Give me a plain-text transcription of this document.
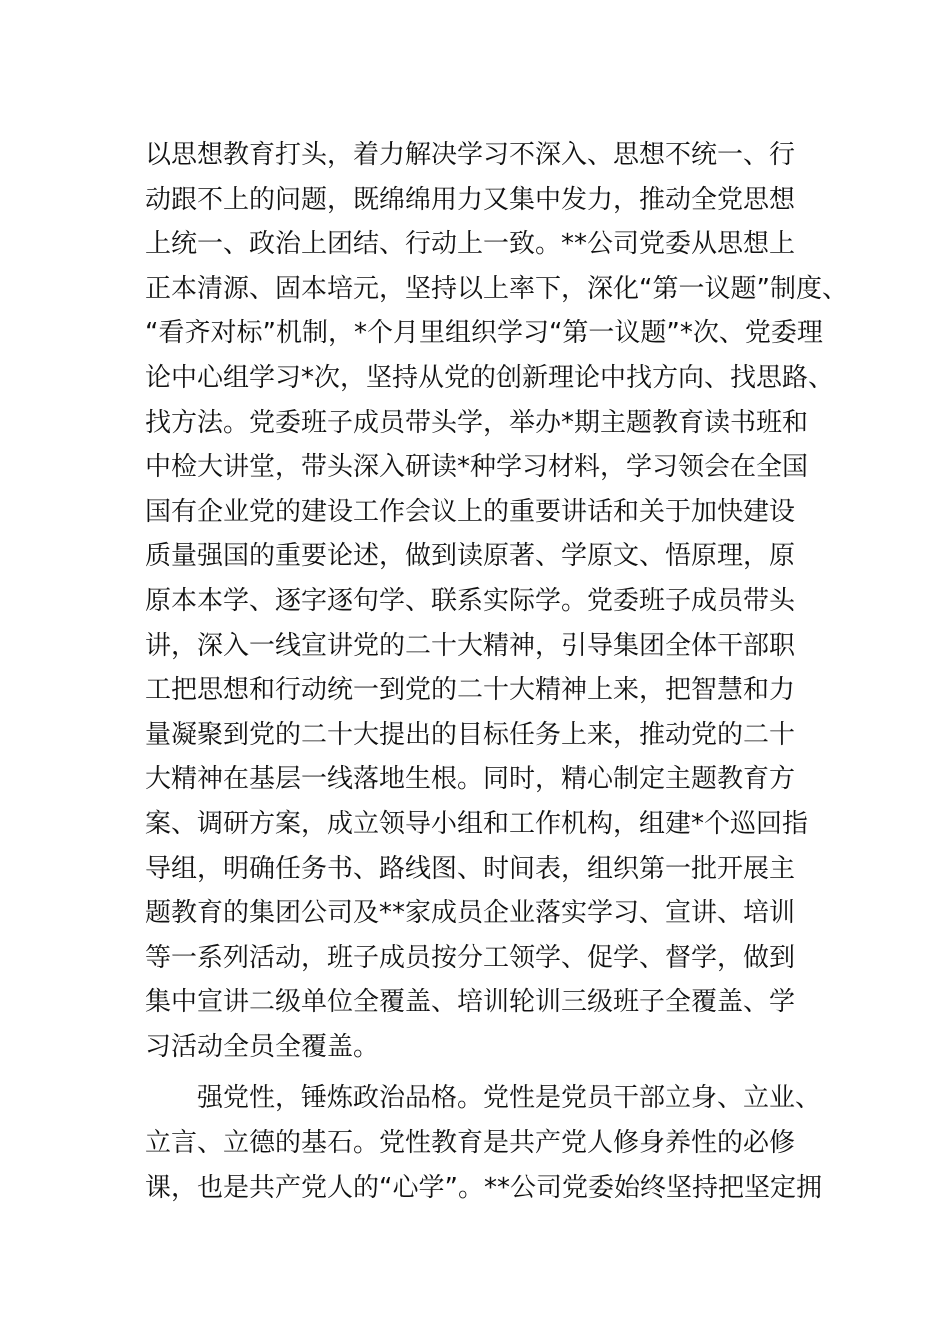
以思想教育打头，着力解决学习不深入、思想不统一、行
动跟不上的问题，既绵绵用力又集中发力，推动全党思想
上统一、政治上团结、行动上一致。**公司党委从思想上
正本清源、固本培元，坚持以上率下，深化“第一议题”制度、
“看齐对标”机制，*个月里组织学习“第一议题”*次、党委理
论中心组学习*次，坚持从党的创新理论中找方向、找思路、
找方法。党委班子成员带头学，举办*期主题教育读书班和
中检大讲堂，带头深入研读*种学习材料，学习领会在全国
国有企业党的建设工作会议上的重要讲话和关于加快建设
质量强国的重要论述，做到读原著、学原文、悟原理，原
原本本学、逐字逐句学、联系实际学。党委班子成员带头
讲，深入一线宣讲党的二十大精神，引导集团全体干部职
工把思想和行动统一到党的二十大精神上来，把智慧和力
量凝聚到党的二十大提出的目标任务上来，推动党的二十
大精神在基层一线落地生根。同时，精心制定主题教育方
案、调研方案，成立领导小组和工作机构，组建*个巡回指
导组，明确任务书、路线图、时间表，组织第一批开展主
题教育的集团公司及**家成员企业落实学习、宣讲、培训
等一系列活动，班子成员按分工领学、促学、督学，做到
集中宣讲二级单位全覆盖、培训轮训三级班子全覆盖、学
习活动全员全覆盖。
强党性，锤炼政治品格。党性是党员干部立身、立业、
立言、立德的基石。党性教育是共产党人修身养性的必修
课，也是共产党人的“心学”。**公司党委始终坚持把坚定拥
